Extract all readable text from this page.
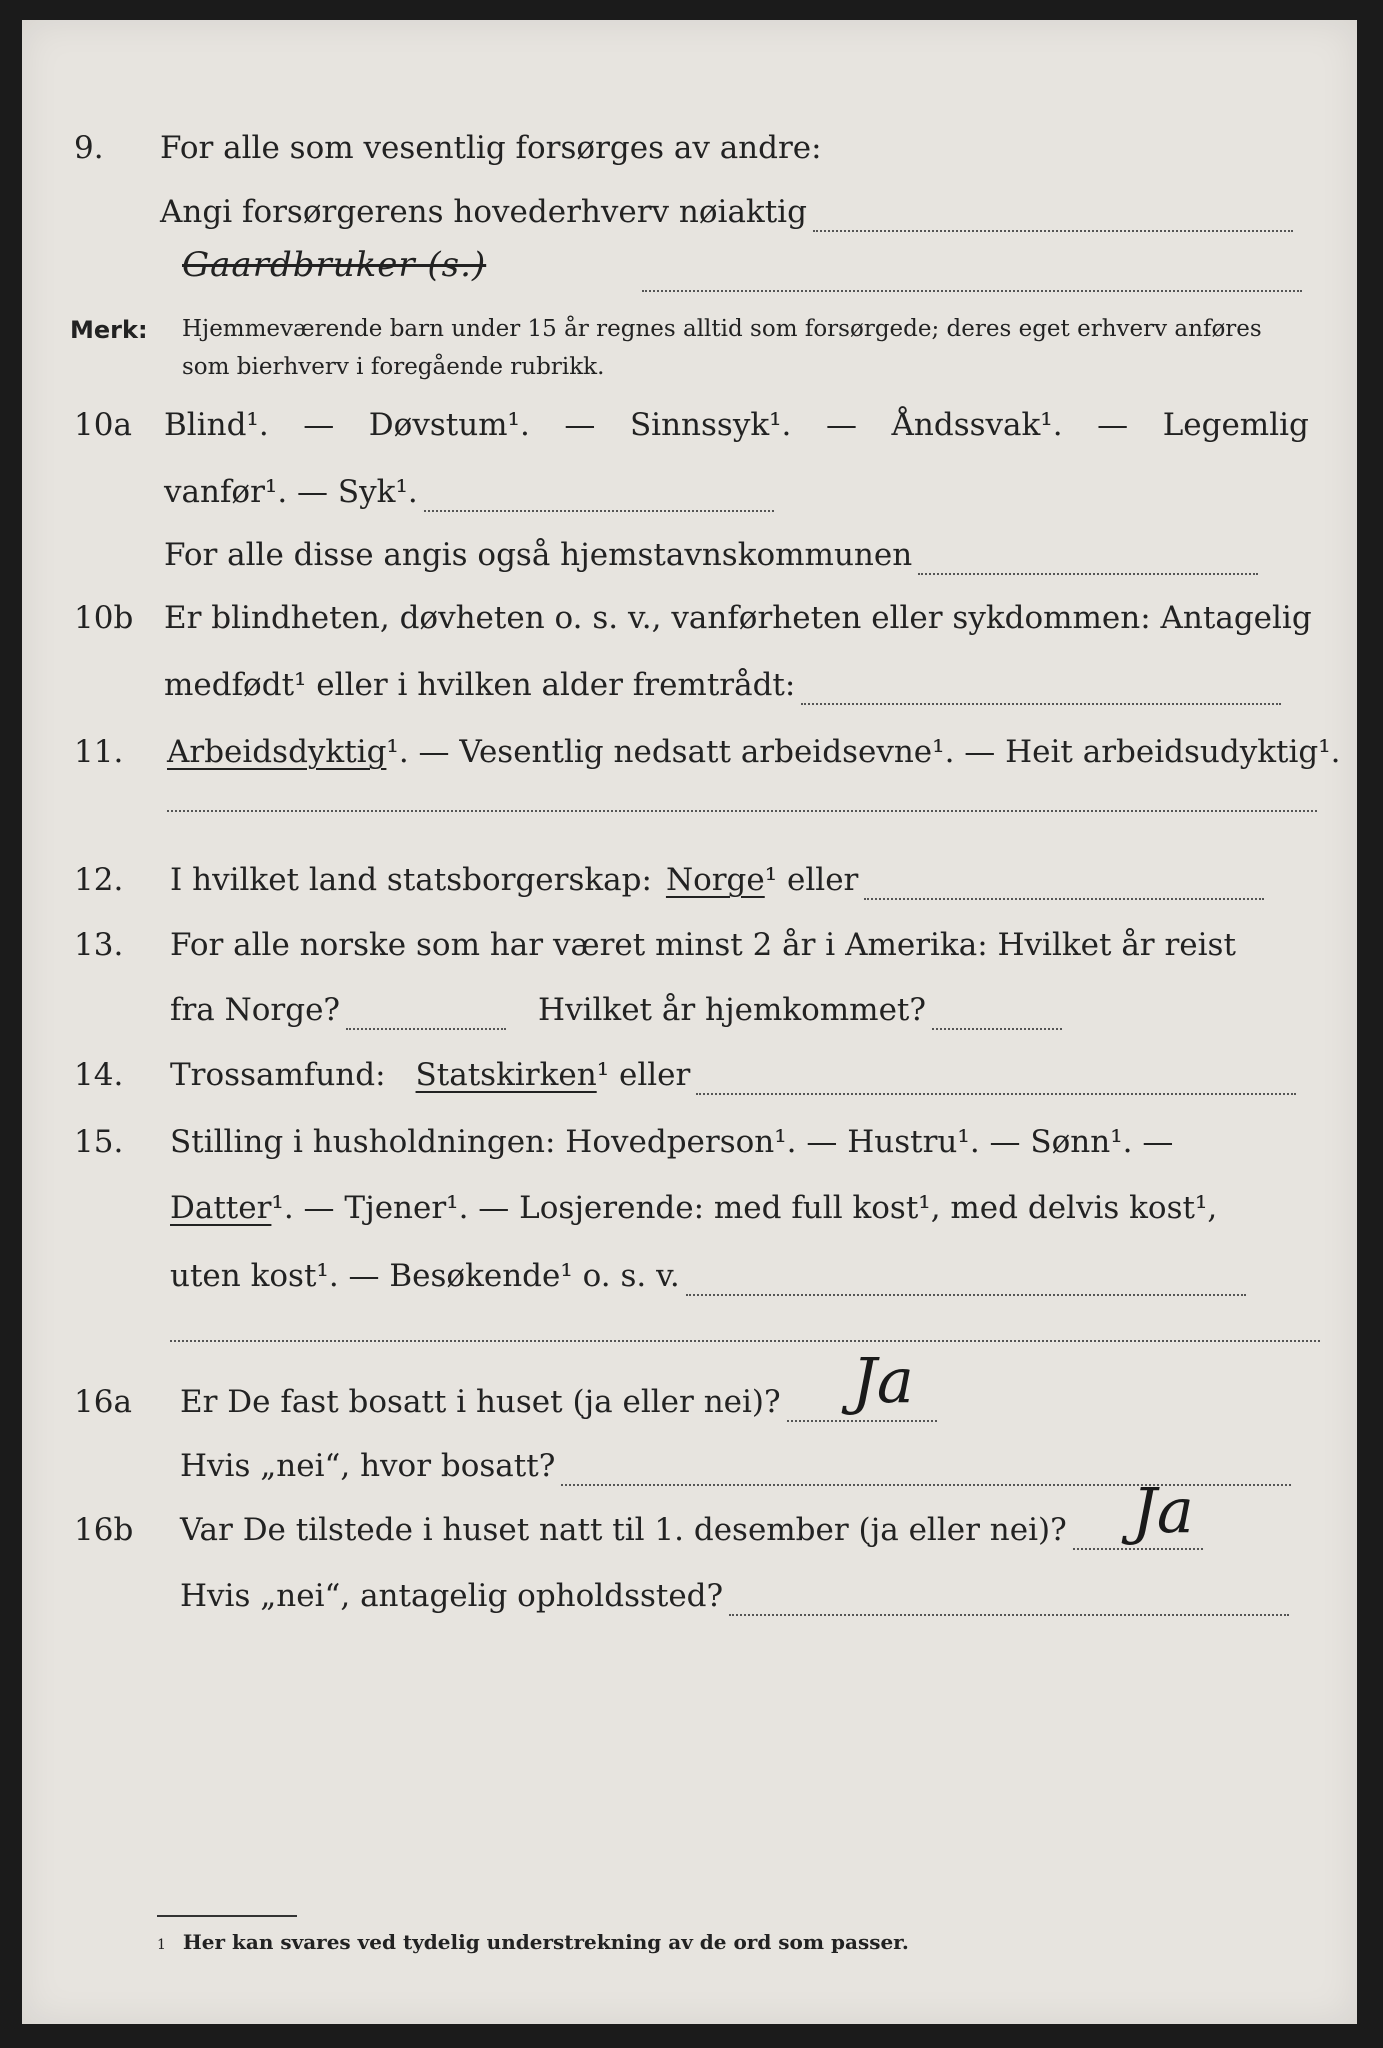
9. For alle som vesentlig forsørges av andre:
Angi forsørgerens hovederhverv nøiaktig
Gaardbruker (s.)
Merk: Hjemmeværende barn under 15 år regnes alltid som forsørgede; deres eget erhverv anføres som bierhverv i foregående rubrikk.
10a Blind¹. — Døvstum¹. — Sinnssyk¹. — Åndssvak¹. — Legemlig
vanfør¹. — Syk¹.
For alle disse angis også hjemstavnskommunen
10b Er blindheten, døvheten o. s. v., vanførheten eller sykdommen: Antagelig
medfødt¹ eller i hvilken alder fremtrådt:
11. Arbeidsdyktig ¹. — Vesentlig nedsatt arbeidsevne¹. — Heit arbeidsudyktig¹.
12. I hvilket land statsborgerskap: Norge ¹ eller
13. For alle norske som har været minst 2 år i Amerika: Hvilket år reist
fra Norge?	Hvilket år hjemkommet?
14. Trossamfund: Statskirken ¹ eller
15. Stilling i husholdningen: Hovedperson¹. — Hustru¹. — Sønn¹. —
Datter ¹. — Tjener¹. — Losjerende: med full kost¹, med delvis kost¹,
uten kost¹. — Besøkende¹ o. s. v.
16a Er De fast bosatt i huset (ja eller nei)? Ja
Hvis „nei“, hvor bosatt?
16b Var De tilstede i huset natt til 1. desember (ja eller nei)? Ja
Hvis „nei“, antagelig opholdssted?
1 Her kan svares ved tydelig understrekning av de ord som passer.
